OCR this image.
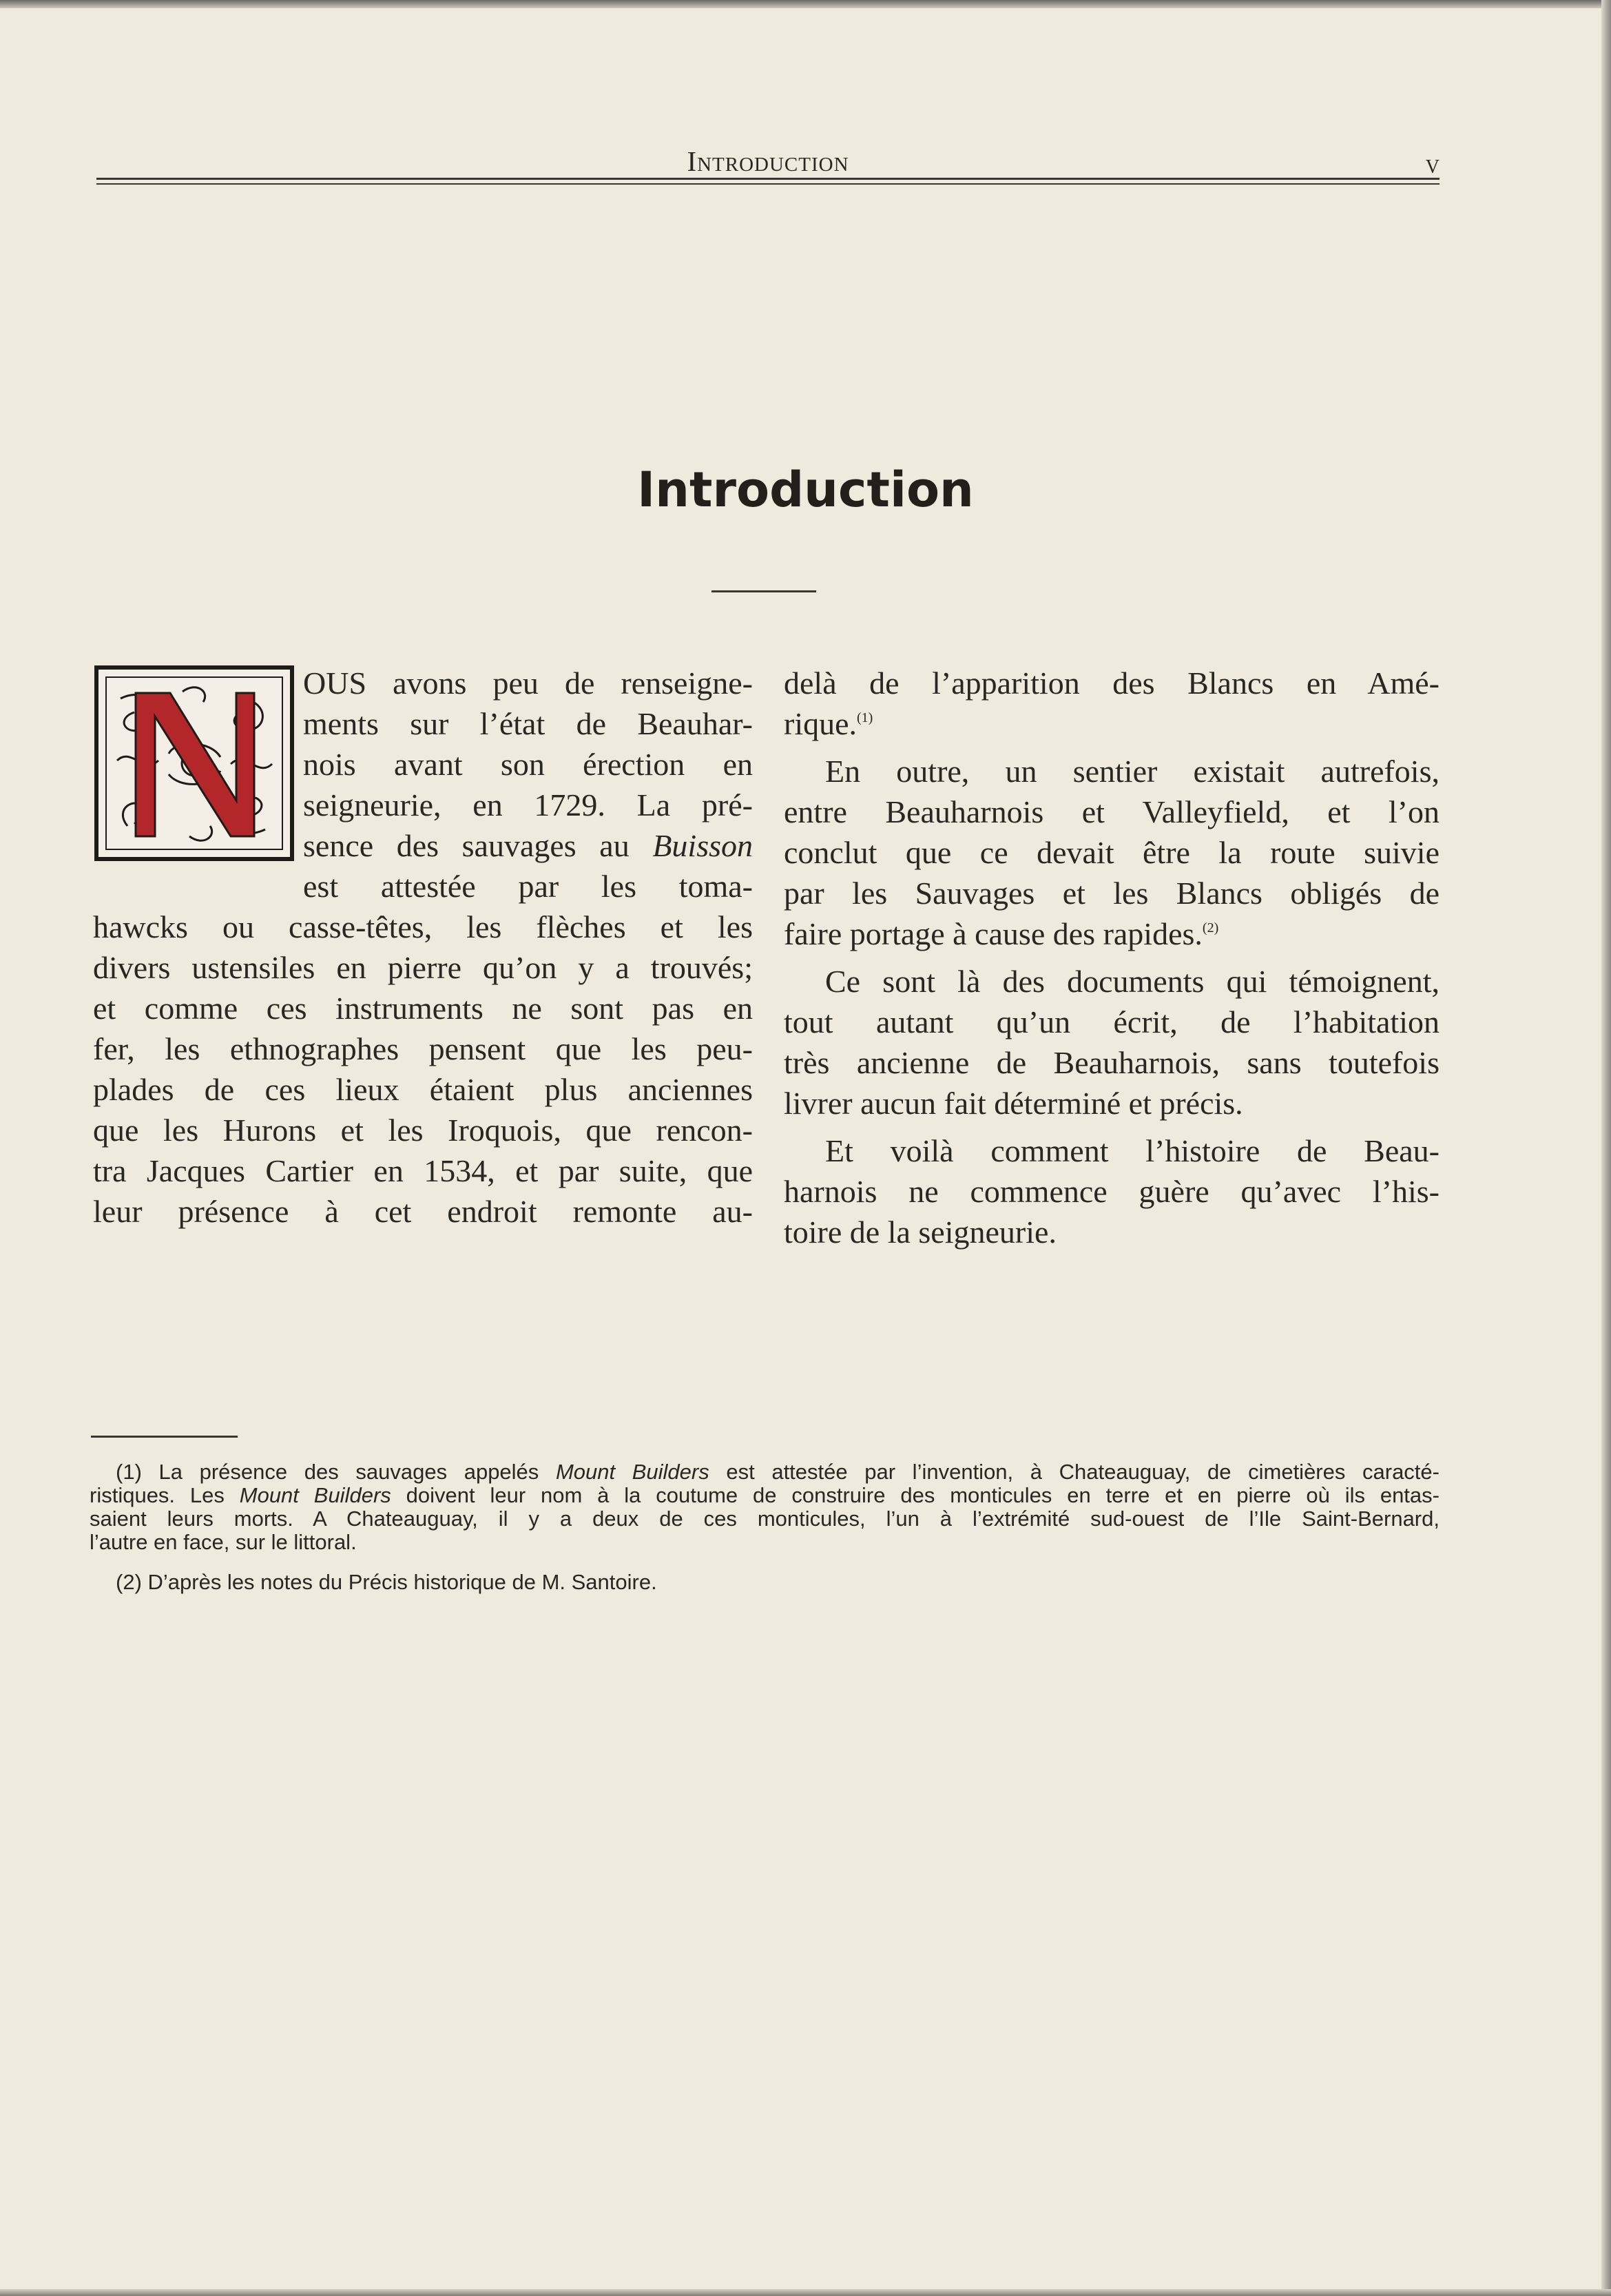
Introduction	v
Introduction
OUS avons peu de renseigne-
ments sur l’état de Beauhar-
nois avant son érection en
seigneurie, en 1729. La pré-
sence des sauvages au Buisson
est attestée par les toma-
hawcks ou casse-têtes, les flèches et les
divers ustensiles en pierre qu’on y a trouvés;
et comme ces instruments ne sont pas en
fer, les ethnographes pensent que les peu-
plades de ces lieux étaient plus anciennes
que les Hurons et les Iroquois, que rencon-
tra Jacques Cartier en 1534, et par suite, que
leur présence à cet endroit remonte au-
delà de l’apparition des Blancs en Amé-
rique.$^{(1)}$
En outre, un sentier existait autrefois,
entre Beauharnois et Valleyfield, et l’on
conclut que ce devait être la route suivie
par les Sauvages et les Blancs obligés de
faire portage à cause des rapides.$^{(2)}$
Ce sont là des documents qui témoignent,
tout autant qu’un écrit, de l’habitation
très ancienne de Beauharnois, sans toutefois
livrer aucun fait déterminé et précis.
Et voilà comment l’histoire de Beau-
harnois ne commence guère qu’avec l’his-
toire de la seigneurie.
(1) La présence des sauvages appelés Mount Builders est attestée par l’invention, à Chateauguay, de cimetières caracté-
ristiques. Les Mount Builders doivent leur nom à la coutume de construire des monticules en terre et en pierre où ils entas-
saient leurs morts. A Chateauguay, il y a deux de ces monticules, l’un à l’extrémité sud-ouest de l’Ile Saint-Bernard,
l’autre en face, sur le littoral.
(2) D’après les notes du Précis historique de M. Santoire.
